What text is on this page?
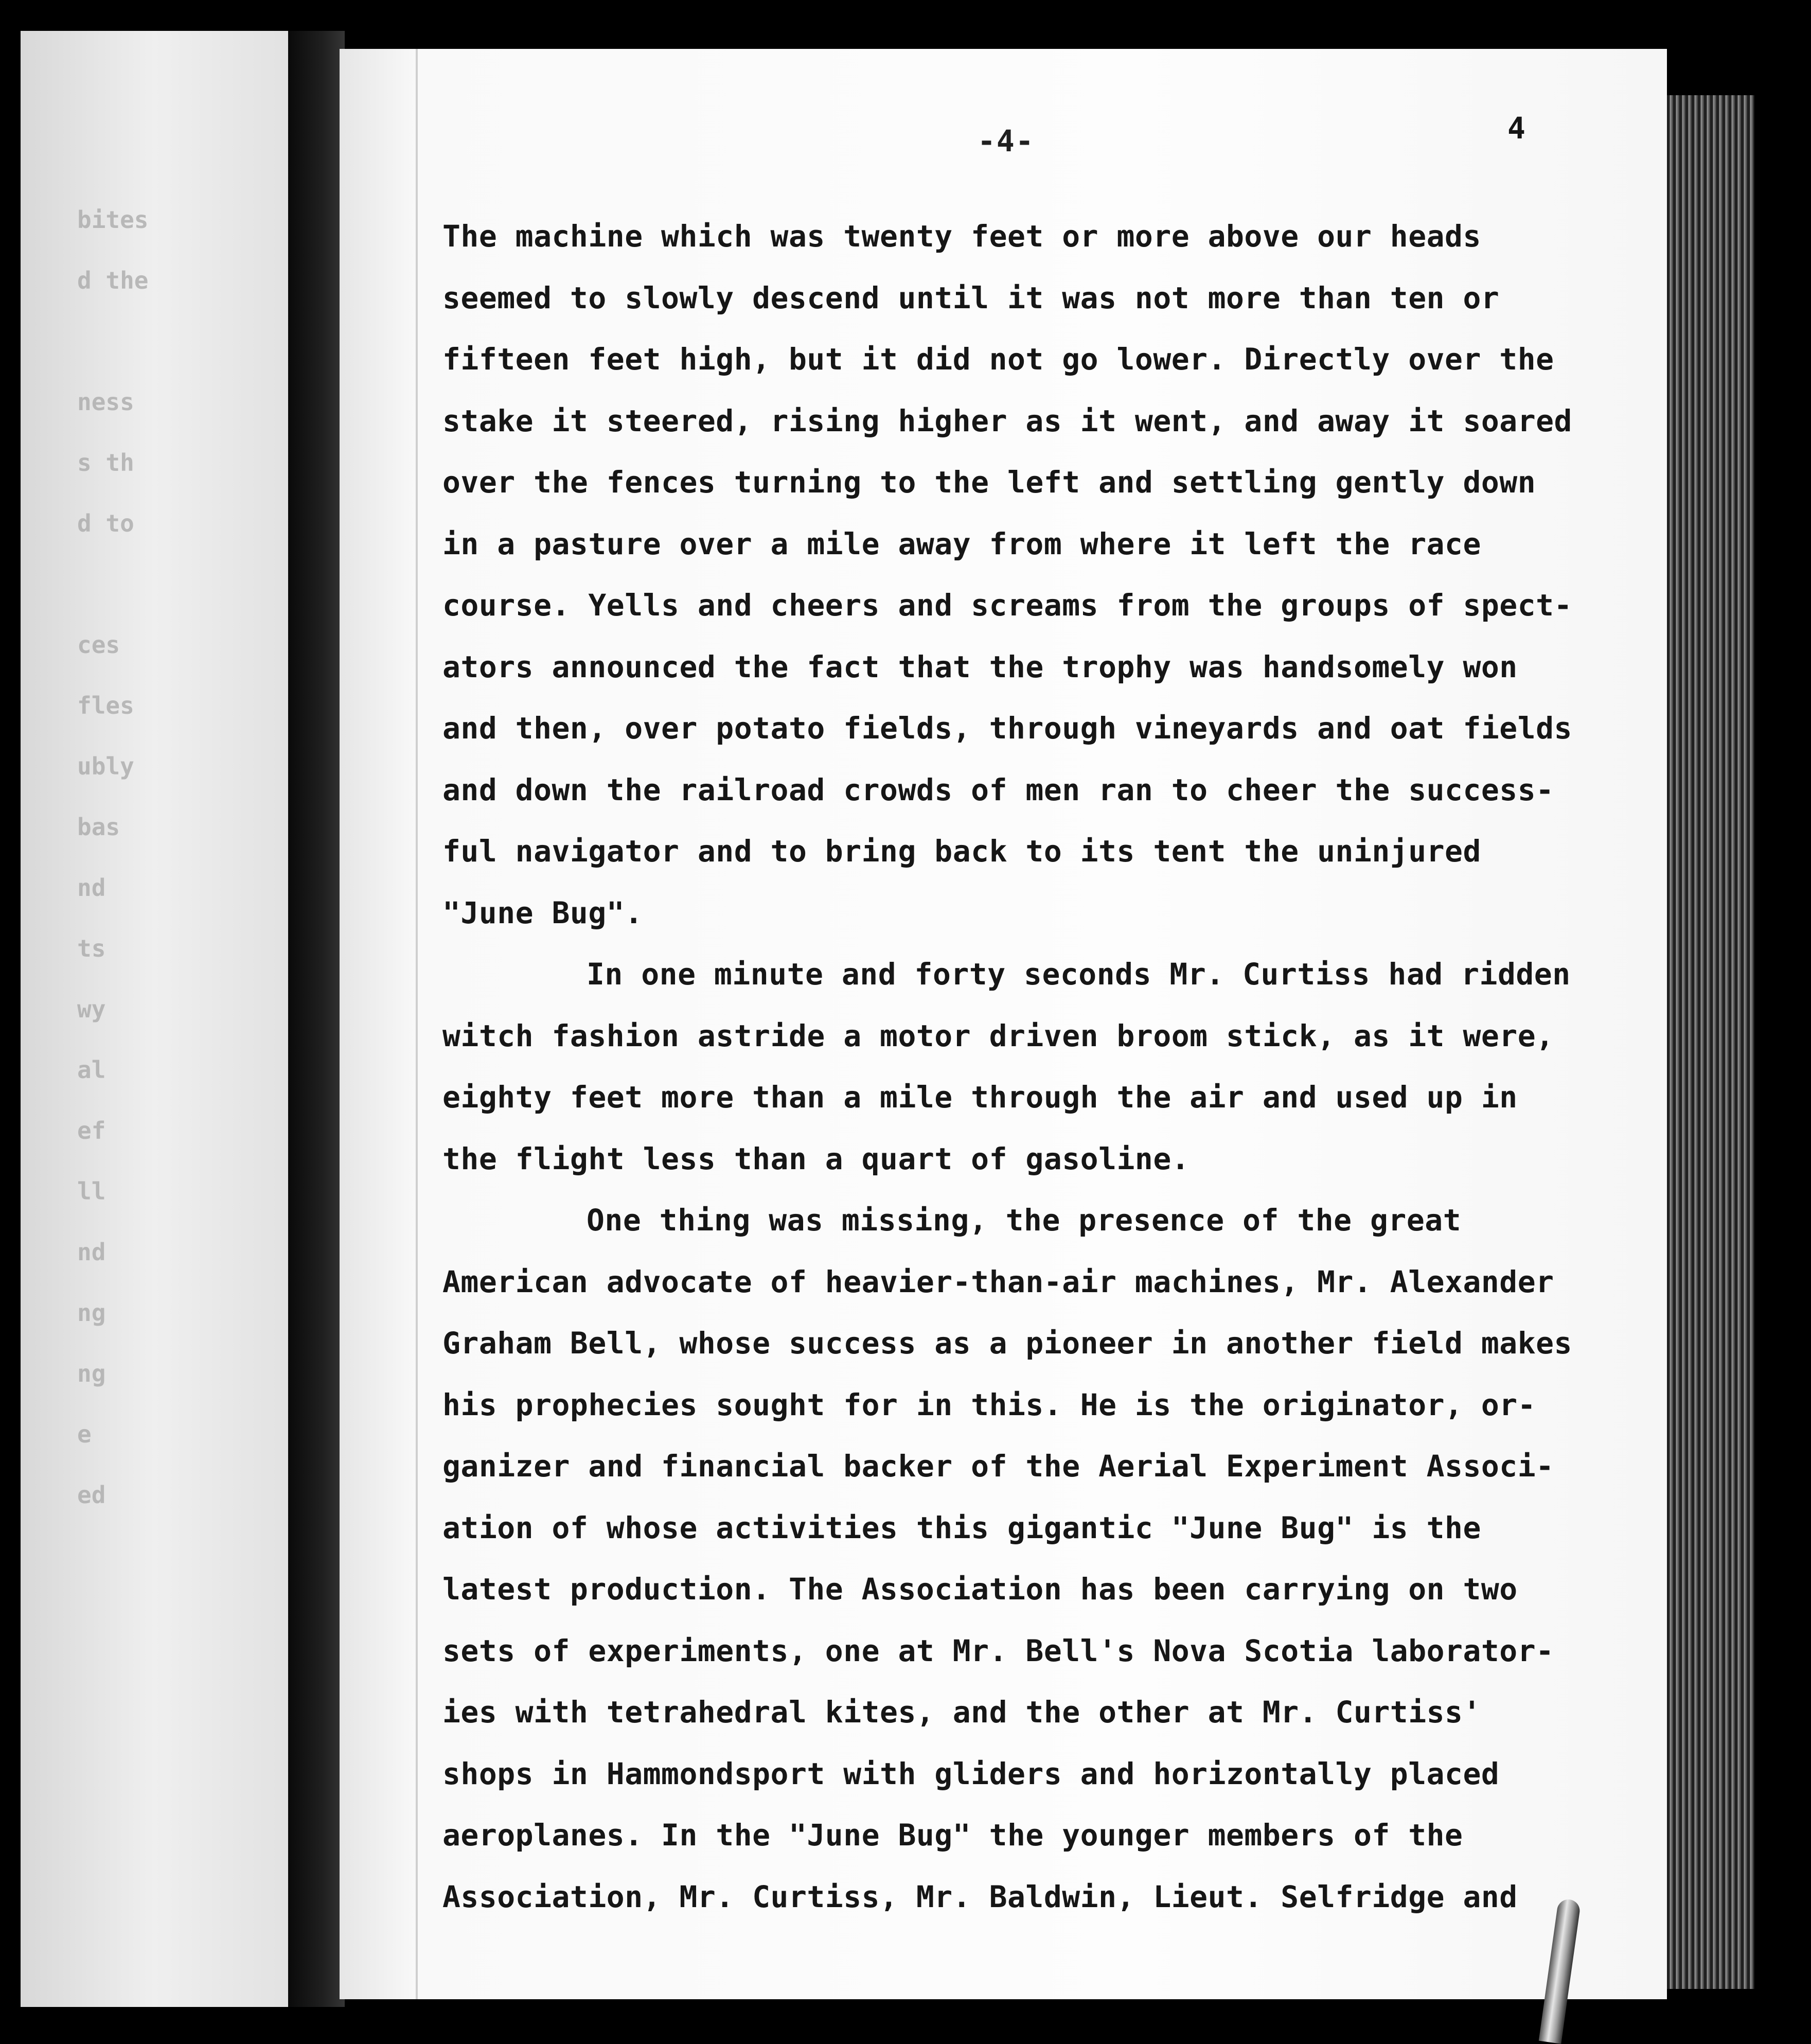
bites
d the
ness
s th
d to
ces
fles
ubly
bas
nd
ts
wy
al
ef
ll
nd
ng
ng
e
ed
-4-	4
The machine which was twenty feet or more above our heads
seemed to slowly descend until it was not more than ten or
fifteen feet high, but it did not go lower. Directly over the
stake it steered, rising higher as it went, and away it soared
over the fences turning to the left and settling gently down
in a pasture over a mile away from where it left the race
course. Yells and cheers and screams from the groups of spect-
ators announced the fact that the trophy was handsomely won
and then, over potato fields, through vineyards and oat fields
and down the railroad crowds of men ran to cheer the success-
ful navigator and to bring back to its tent the uninjured
"June Bug".
In one minute and forty seconds Mr. Curtiss had ridden
witch fashion astride a motor driven broom stick, as it were,
eighty feet more than a mile through the air and used up in
the flight less than a quart of gasoline.
One thing was missing, the presence of the great
American advocate of heavier-than-air machines, Mr. Alexander
Graham Bell, whose success as a pioneer in another field makes
his prophecies sought for in this. He is the originator, or-
ganizer and financial backer of the Aerial Experiment Associ-
ation of whose activities this gigantic "June Bug" is the
latest production. The Association has been carrying on two
sets of experiments, one at Mr. Bell's Nova Scotia laborator-
ies with tetrahedral kites, and the other at Mr. Curtiss'
shops in Hammondsport with gliders and horizontally placed
aeroplanes. In the "June Bug" the younger members of the
Association, Mr. Curtiss, Mr. Baldwin, Lieut. Selfridge and
